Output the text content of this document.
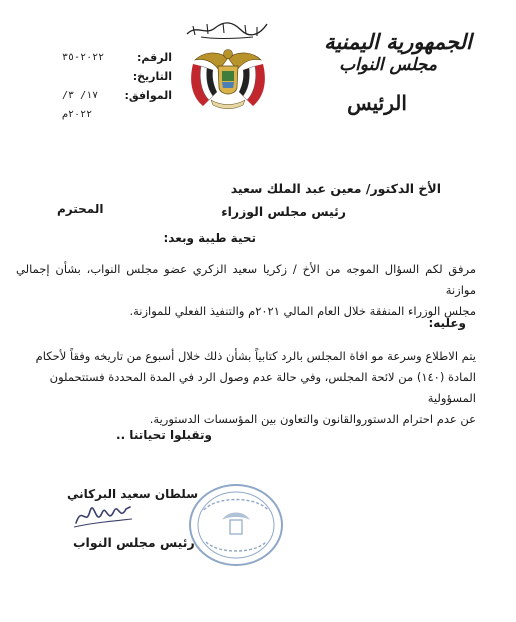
الجمهورية اليمنية
مجلس النواب
الرئيس
الرقم:
٢٠٢٢-٣٥
التاريخ:
الموافق:
١٧/ ٣/ ٢٠٢٢م
الأخ الدكتور/ معين عبد الملك سعيد
رئيس مجلس الوزراء
المحترم
تحية طيبة وبعد:
مرفق لكم السؤال الموجه من الأخ / زكريا سعيد الزكري عضو مجلس النواب، بشأن إجمالي موازنة
مجلس الوزراء المنفقة خلال العام المالي ٢٠٢١م والتنفيذ الفعلي للموازنة.
وعليه:
يتم الاطلاع وسرعة مو افاة المجلس بالرد كتابياً بشأن ذلك خلال أسبوع من تاريخه وفقاً لأحكام
المادة (١٤٠) من لائحة المجلس، وفي حالة عدم وصول الرد في المدة المحددة فستتحملون المسؤولية
عن عدم احترام الدستوروالقانون والتعاون بين المؤسسات الدستورية.
وتقبلوا تحياتنا ..
سلطان سعيد البركاني
رئيس مجلس النواب
